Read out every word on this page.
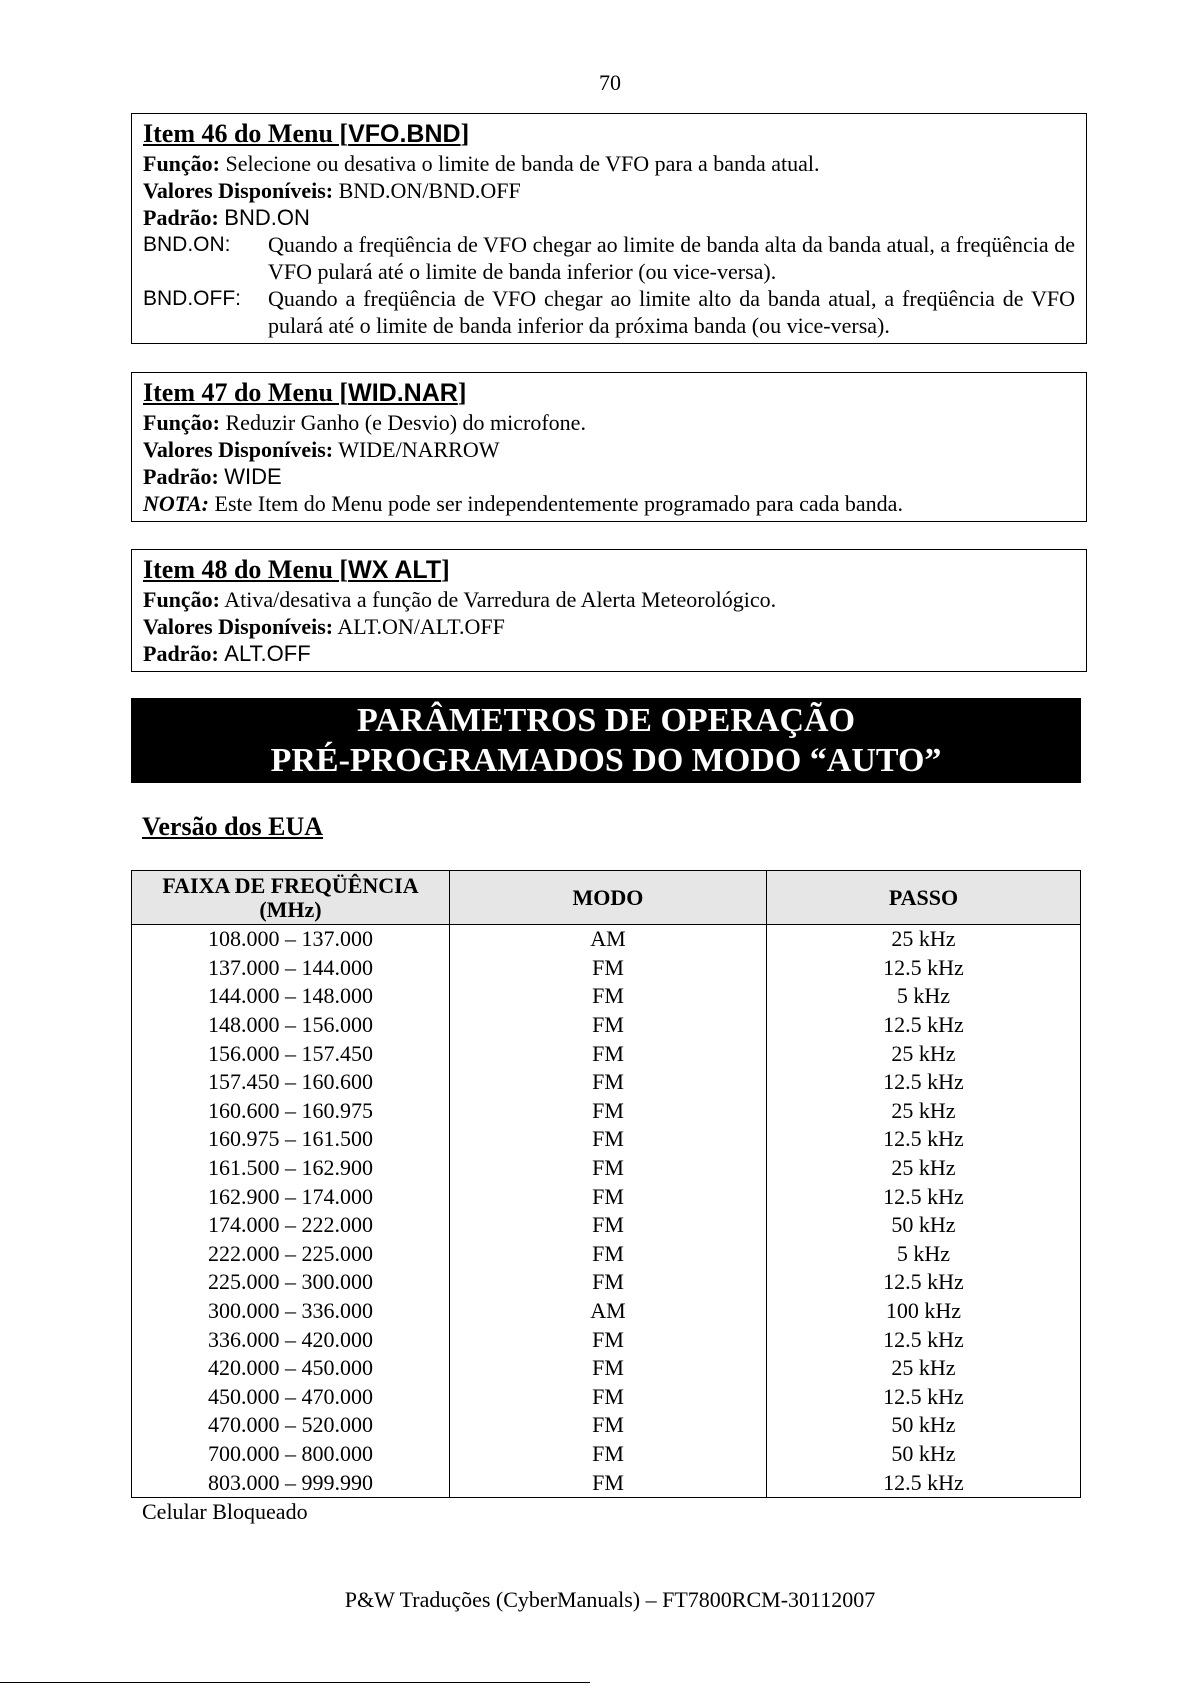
70
Item 46 do Menu [VFO.BND]
Função: Selecione ou desativa o limite de banda de VFO para a banda atual.
Valores Disponíveis: BND.ON/BND.OFF
Padrão: BND.ON
BND.ON:	Quando a freqüência de VFO chegar ao limite de banda alta da banda atual, a freqüência de VFO pulará até o limite de banda inferior (ou vice-versa).
BND.OFF:	Quando a freqüência de VFO chegar ao limite alto da banda atual, a freqüência de VFO pulará até o limite de banda inferior da próxima banda (ou vice-versa).
Item 47 do Menu [WID.NAR]
Função: Reduzir Ganho (e Desvio) do microfone.
Valores Disponíveis: WIDE/NARROW
Padrão: WIDE
NOTA: Este Item do Menu pode ser independentemente programado para cada banda.
Item 48 do Menu [WX ALT]
Função: Ativa/desativa a função de Varredura de Alerta Meteorológico.
Valores Disponíveis: ALT.ON/ALT.OFF
Padrão: ALT.OFF
PARÂMETROS DE OPERAÇÃO
PRÉ-PROGRAMADOS DO MODO “AUTO”
Versão dos EUA
FAIXA DE FREQÜÊNCIA (MHz)	MODO	PASSO
108.000 – 137.000	AM	25 kHz
137.000 – 144.000	FM	12.5 kHz
144.000 – 148.000	FM	5 kHz
148.000 – 156.000	FM	12.5 kHz
156.000 – 157.450	FM	25 kHz
157.450 – 160.600	FM	12.5 kHz
160.600 – 160.975	FM	25 kHz
160.975 – 161.500	FM	12.5 kHz
161.500 – 162.900	FM	25 kHz
162.900 – 174.000	FM	12.5 kHz
174.000 – 222.000	FM	50 kHz
222.000 – 225.000	FM	5 kHz
225.000 – 300.000	FM	12.5 kHz
300.000 – 336.000	AM	100 kHz
336.000 – 420.000	FM	12.5 kHz
420.000 – 450.000	FM	25 kHz
450.000 – 470.000	FM	12.5 kHz
470.000 – 520.000	FM	50 kHz
700.000 – 800.000	FM	50 kHz
803.000 – 999.990	FM	12.5 kHz
Celular Bloqueado
P&W Traduções (CyberManuals) – FT7800RCM-30112007
